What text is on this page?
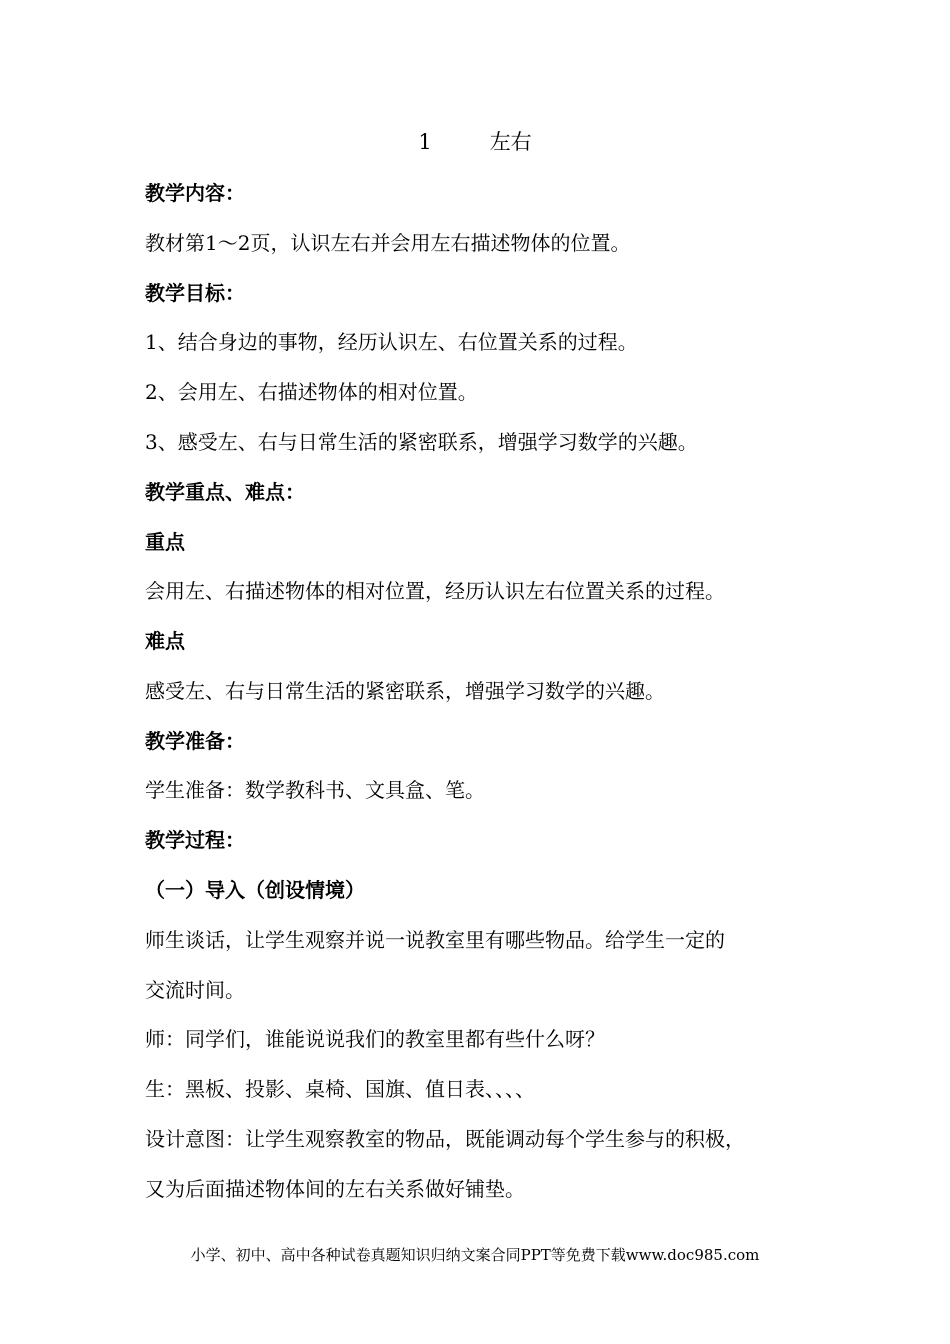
1	左右
教学内容：
教材第1～2页，认识左右并会用左右描述物体的位置。
教学目标：
1、结合身边的事物，经历认识左、右位置关系的过程。
2、会用左、右描述物体的相对位置。
3、感受左、右与日常生活的紧密联系，增强学习数学的兴趣。
教学重点、难点：
重点
会用左、右描述物体的相对位置，经历认识左右位置关系的过程。
难点
感受左、右与日常生活的紧密联系，增强学习数学的兴趣。
教学准备：
学生准备：数学教科书、文具盒、笔。
教学过程：
（一）导入（创设情境）
师生谈话，让学生观察并说一说教室里有哪些物品。给学生一定的
交流时间。
师：同学们，谁能说说我们的教室里都有些什么呀？
生：黑板、投影、桌椅、国旗、值日表、、、、
设计意图：让学生观察教室的物品，既能调动每个学生参与的积极，
又为后面描述物体间的左右关系做好铺垫。
小学、初中、高中各种试卷真题知识归纳文案合同PPT等免费下载www.doc985.com
